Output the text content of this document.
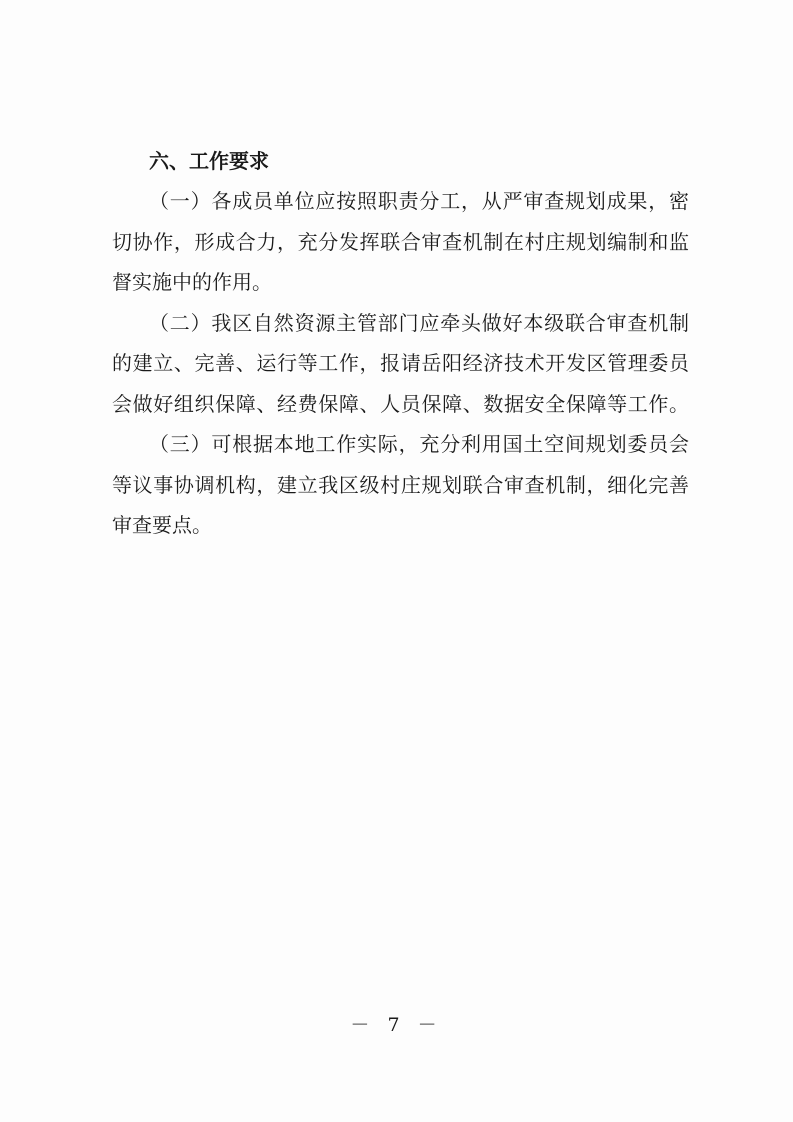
六、工作要求
（一）各成员单位应按照职责分工，从严审查规划成果，密
切协作，形成合力，充分发挥联合审查机制在村庄规划编制和监
督实施中的作用。
（二）我区自然资源主管部门应牵头做好本级联合审查机制
的建立、完善、运行等工作，报请岳阳经济技术开发区管理委员
会做好组织保障、经费保障、人员保障、数据安全保障等工作。
（三）可根据本地工作实际，充分利用国土空间规划委员会
等议事协调机构，建立我区级村庄规划联合审查机制，细化完善
审查要点。
－ 7 －
